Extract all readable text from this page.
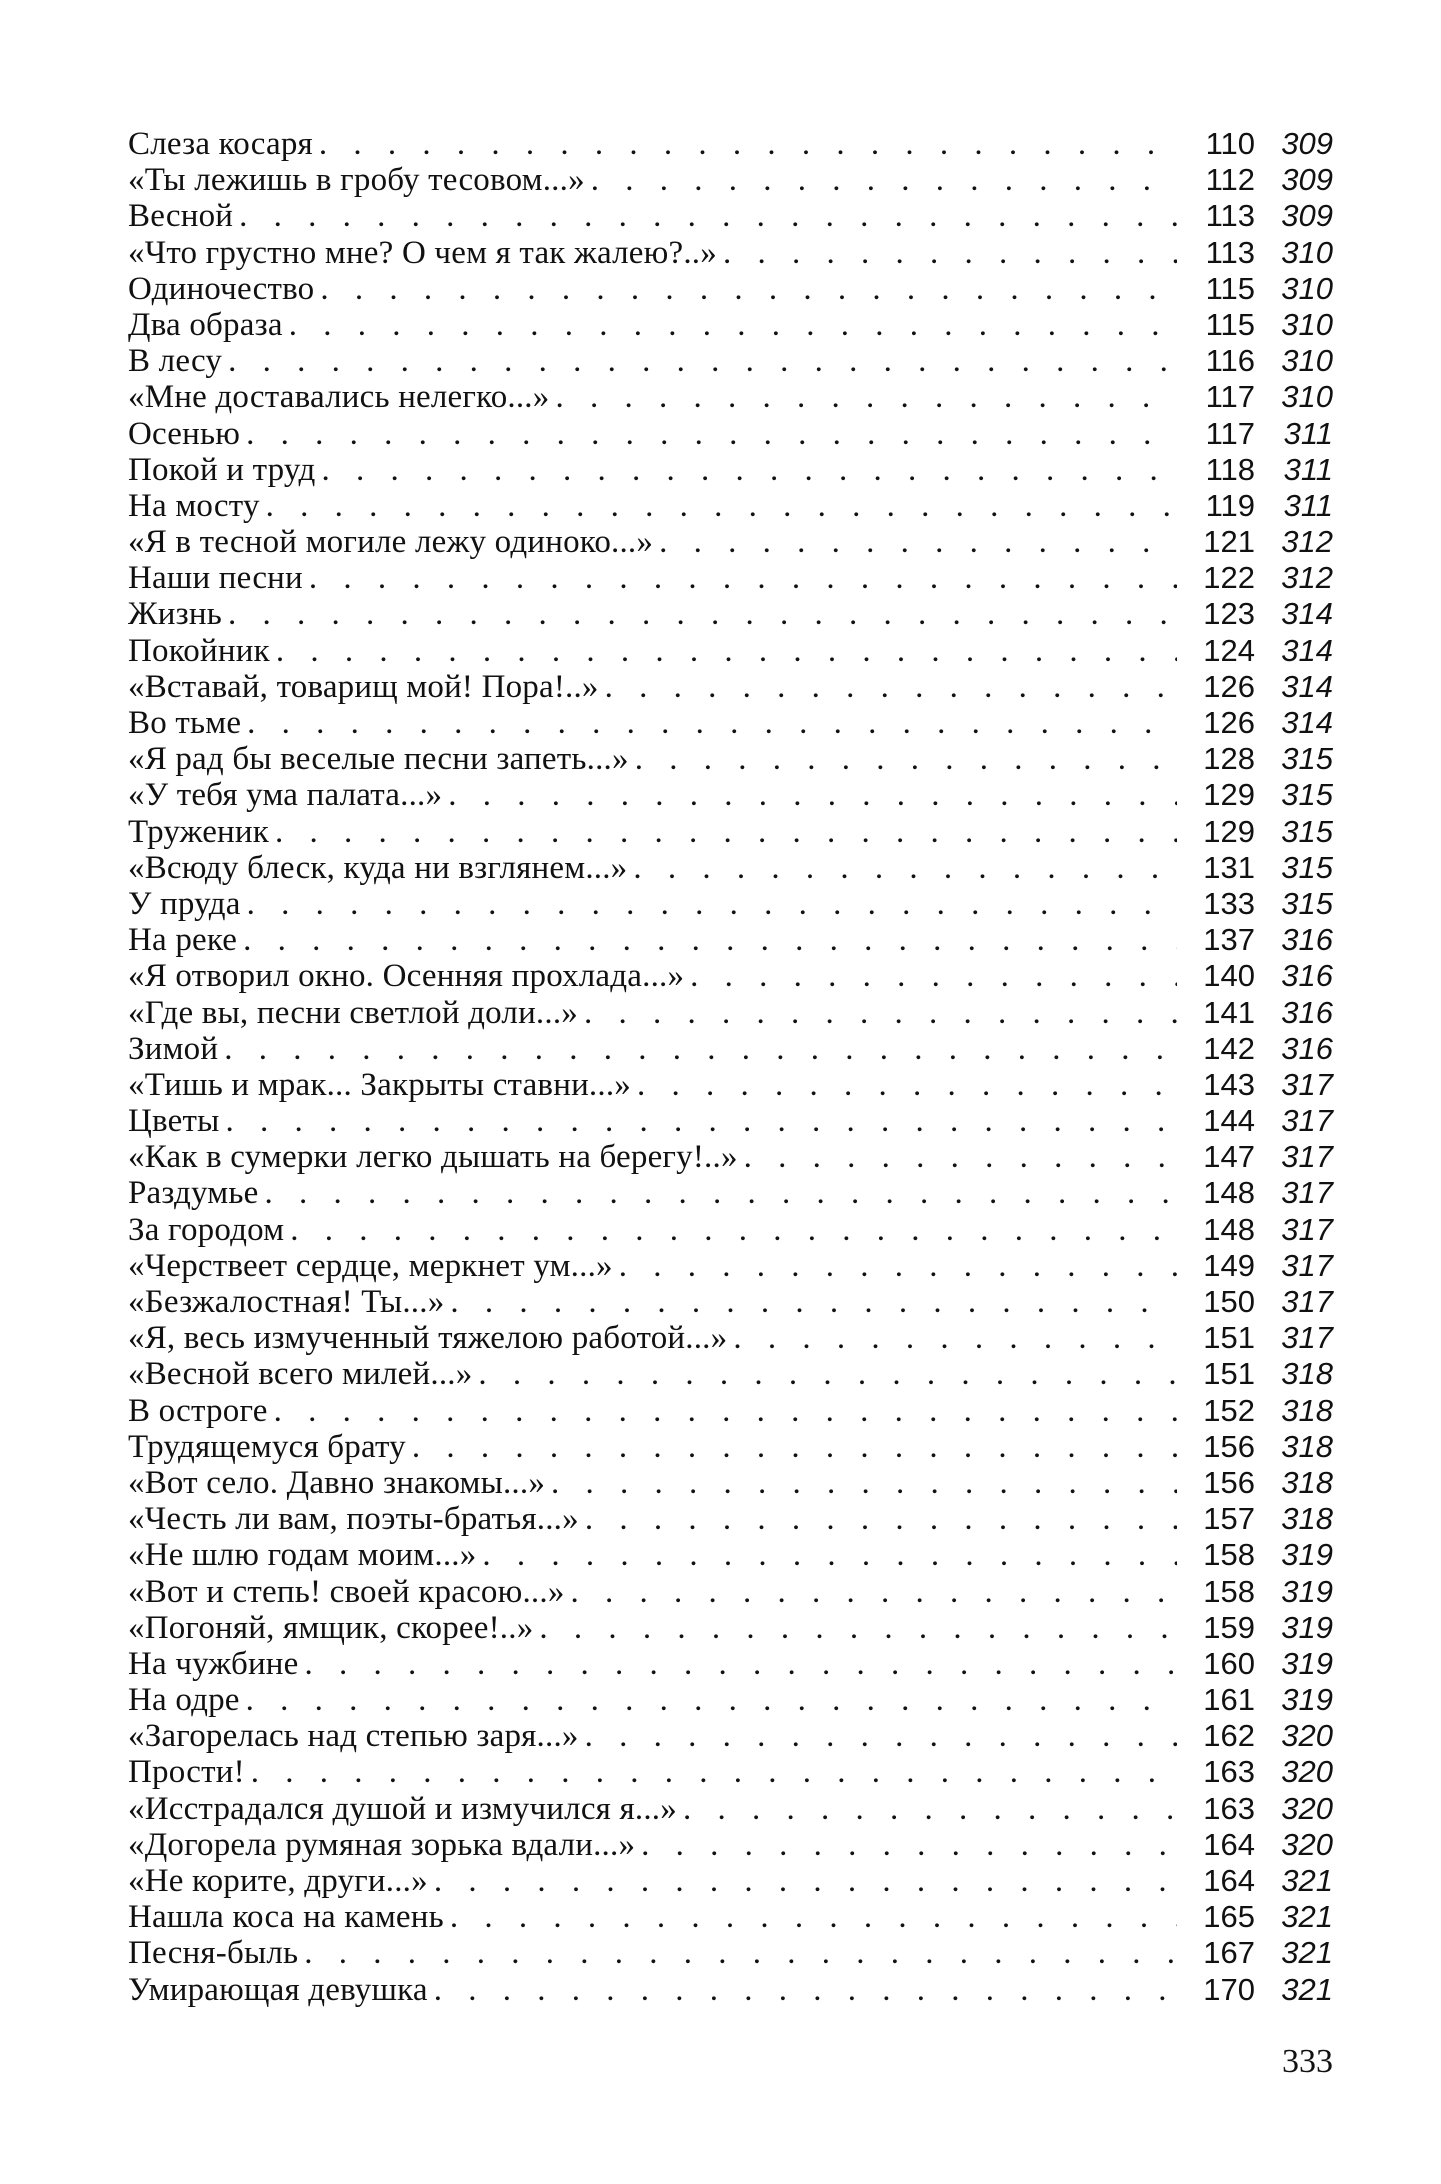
Слеза косаря . . .	110 309
«Ты лежишь в гробу тесовом...» . . .	112 309
Весной . . .	113 309
«Что грустно мне? О чем я так жалею?..» . . .	113 310
Одиночество . . .	115 310
Два образа . . .	115 310
В лесу . . .	116 310
«Мне доставались нелегко...» . . .	117 310
Осенью . . .	117 311
Покой и труд . . .	118 311
На мосту . . .	119 311
«Я в тесной могиле лежу одиноко...» . . .	121 312
Наши песни . . .	122 312
Жизнь . . .	123 314
Покойник . . .	124 314
«Вставай, товарищ мой! Пора!..» . . .	126 314
Во тьме . . .	126 314
«Я рад бы веселые песни запеть...» . . .	128 315
«У тебя ума палата...» . . .	129 315
Труженик . . .	129 315
«Всюду блеск, куда ни взглянем...» . . .	131 315
У пруда . . .	133 315
На реке . . .	137 316
«Я отворил окно. Осенняя прохлада...» . . .	140 316
«Где вы, песни светлой доли...» . . .	141 316
Зимой . . .	142 316
«Тишь и мрак... Закрыты ставни...» . . .	143 317
Цветы . . .	144 317
«Как в сумерки легко дышать на берегу!..» . . .	147 317
Раздумье . . .	148 317
За городом . . .	148 317
«Черствеет сердце, меркнет ум...» . . .	149 317
«Безжалостная! Ты...» . . .	150 317
«Я, весь измученный тяжелою работой...» . . .	151 317
«Весной всего милей...» . . .	151 318
В остроге . . .	152 318
Трудящемуся брату . . .	156 318
«Вот село. Давно знакомы...» . . .	156 318
«Честь ли вам, поэты-братья...» . . .	157 318
«Не шлю годам моим...» . . .	158 319
«Вот и степь! своей красою...» . . .	158 319
«Погоняй, ямщик, скорее!..» . . .	159 319
На чужбине . . .	160 319
На одре . . .	161 319
«Загорелась над степью заря...» . . .	162 320
Прости! . . .	163 320
«Исстрадался душой и измучился я...» . . .	163 320
«Догорела румяная зорька вдали...» . . .	164 320
«Не корите, други...» . . .	164 321
Нашла коса на камень . . .	165 321
Песня-быль . . .	167 321
Умирающая девушка . . .	170 321
333
